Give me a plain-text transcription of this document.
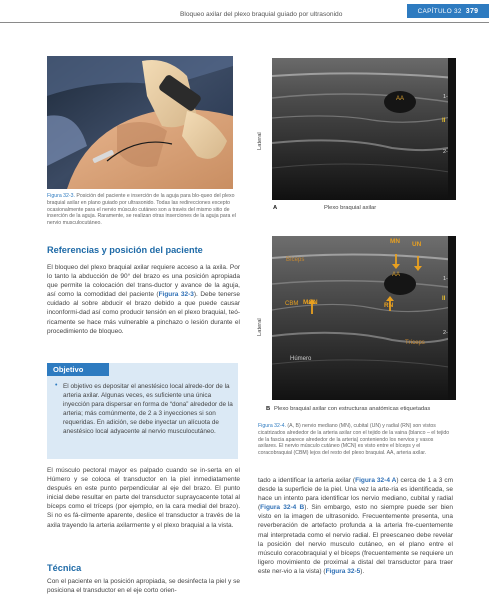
Bloqueo axilar del plexo braquial guiado por ultrasonido	CAPÍTULO 32 379
Figura 32-3. Posición del paciente e inserción de la aguja para blo-queo del plexo braquial axilar en plano guiado por ultrasonido. Todas las redirecciones excepto ocasionalmente para el nervio músculo cutáneo son a través del mismo sitio de inserción de la aguja. Raramente, se realizan otras inserciones de la aguja para el nervio musculocutáneo.
Referencias y posición del paciente
El bloqueo del plexo braquial axilar requiere acceso a la axila. Por lo tanto la abducción de 90° del brazo es una posición apropiada que permite la colocación del trans-ductor y avance de la aguja, así como la comodidad del paciente (Figura 32-3). Debe tenerse cuidado al sobre abducir el brazo debido a que puede causar inconformi-dad así como producir tensión en el plexo braquial, teó-ricamente se hace más vulnerable a pinchazo o lesión durante el procedimiento de bloqueo.
Objetivo
• El objetivo es depositar el anestésico local alrede-dor de la arteria axilar. Algunas veces, es suficiente una única inyección para dispersar en forma de “dona” alrededor de la arteria; más comúnmente, de 2 a 3 inyecciones si son requeridas. En adición, se debe inyectar un alícuota de anestésico local adyacente al nervio musculocutáneo.
El músculo pectoral mayor es palpado cuando se in-serta en el Húmero y se coloca el transductor en la piel inmediatamente después en este punto perpendicular al eje del brazo. El punto inicial debe resultar en parte del transductor supraycacente total al bíceps como el tríceps (por ejemplo, en la cara medial del brazo). Si no es fá-cilmente aparente, deslice el transductor a través de la axila trayendo la arteria axilarmente y el plexo braquial a la vista.
Técnica
Con el paciente en la posición apropiada, se desinfecta la piel y se posiciona el transductor en el eje corto orien-
Lateral
AA	1-
II
2-
A	Plexo braquial axilar
Lateral
MN UN
AA
RN
CBM MCN
Bíceps
Tríceps
Húmero
1-
II
2-
B Plexo braquial axilar con estructuras anatómicas etiquetadas
Figura 32-4. (A, B) nervio mediano (MN), cubital (UN) y radial (RN) son vistos cicatrizados alrededor de la arteria axilar con el tejido de la vaina (blanco – el tejido de la fascia aparece alrededor de la arteria) conteniendo los nervios y vasos axilares. El nervio músculo cutáneo (MCN) es visto entre el bíceps y el coracobraquial (CBM) lejos del resto del plexo braquial. AA, arteria axilar.
tado a identificar la arteria axilar (Figura 32-4 A) cerca de 1 a 3 cm desde la superficie de la piel. Una vez la arte-ria es identificada, se hace un intento para identificar los nervio mediano, cubital y radial (Figura 32-4 B). Sin embargo, esto no siempre puede ser bien visto en la imagen de ultrasonido. Frecuentemente presenta, una reverberación de artefacto profunda a la arteria fre-cuentemente mal interpretada como el nervio radial. El preescaneo debe revelar la posición del nervio musculo cutáneo, en el plano entre el músculo coracobraquial y el bíceps (frecuentemente se requiere un ligero movimiento de proximal a distal del transductor para traer este ner-vio a la vista) (Figura 32-5).
